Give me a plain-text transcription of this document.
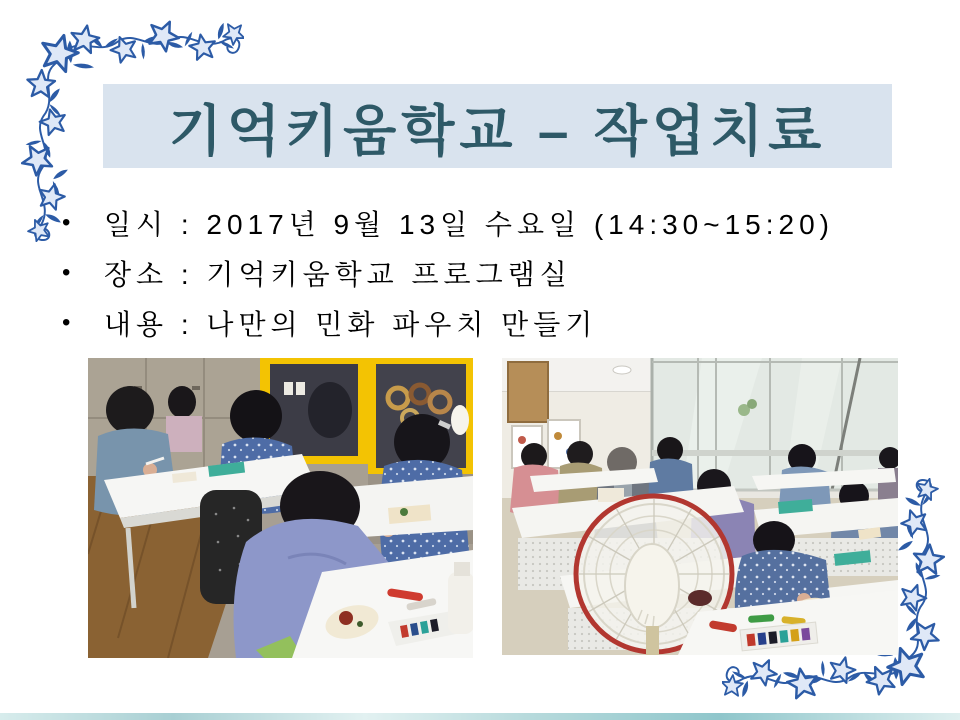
기억키움학교 – 작업치료
•	일시 : 2017년 9월 13일 수요일 (14:30~15:20)
•	장소 : 기억키움학교 프로그램실
•	내용 : 나만의 민화 파우치 만들기
